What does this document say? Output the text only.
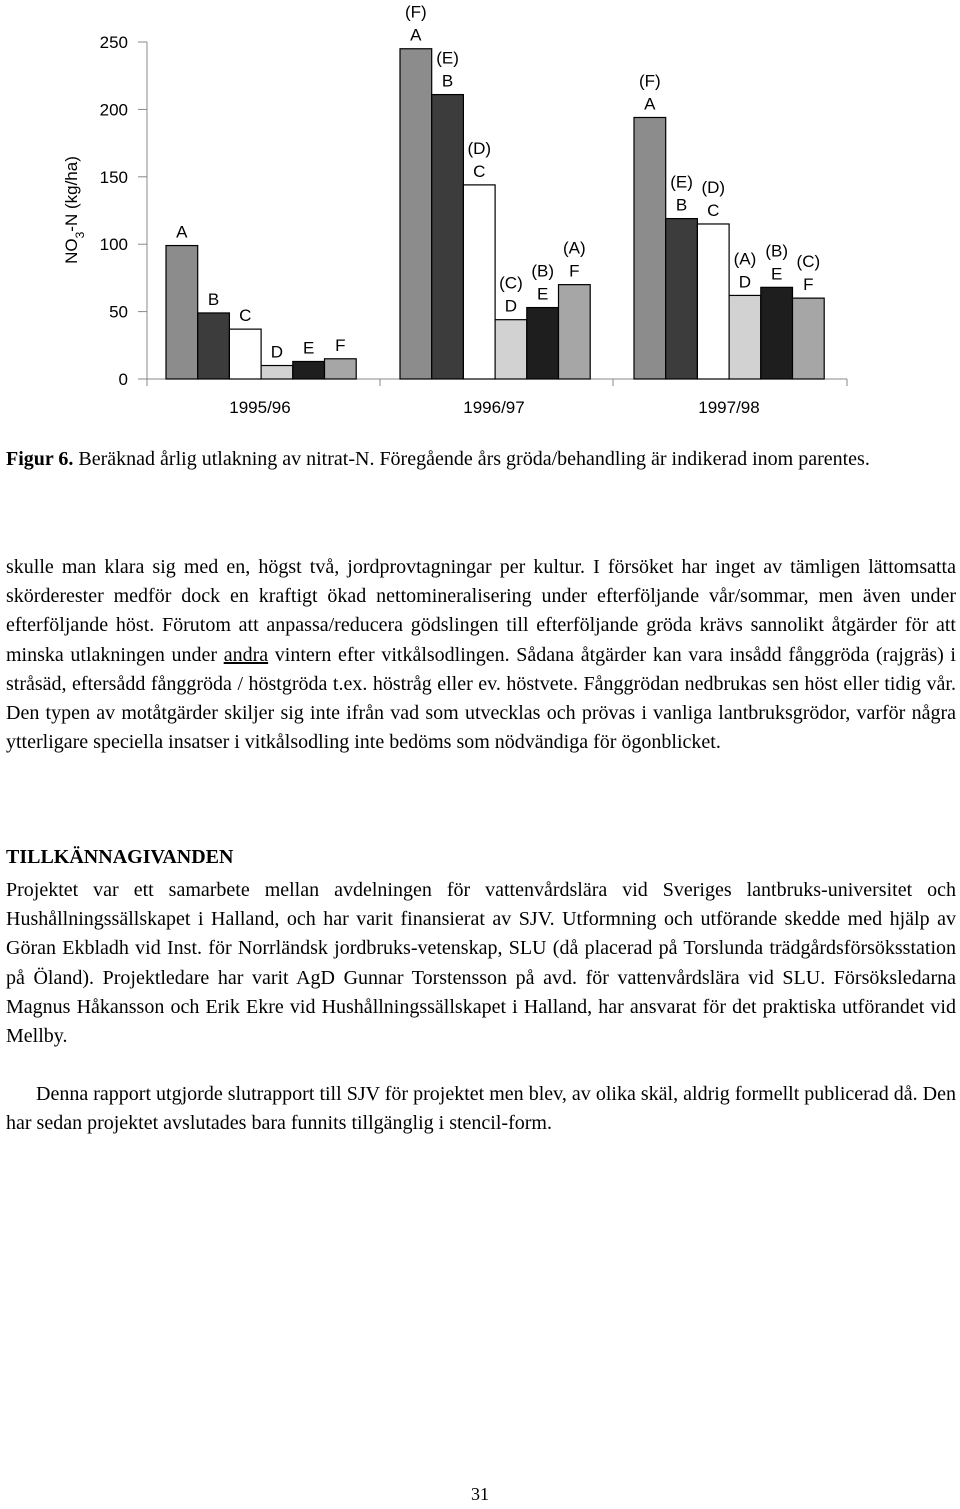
0
50
100
150
200
250
$NO_3-N$ (kg/ha)
A
B
C
D E F
1995/96
(F)
A
(E)
B
(D)
C
(C)
D
(B)
E
(A)
F
1996/97
(F)
A
(E)
B
(D)
C
(A)
D
(B)
E
(C)
F
1997/98
Figur 6. Beräknad årlig utlakning av nitrat-N. Föregående års gröda/behandling är indikerad inom parentes.
skulle man klara sig med en, högst två, jordprovtagningar per kultur. I försöket har inget av tämligen lättomsatta skörderester medför dock en kraftigt ökad nettomineralisering under efterföljande vår/sommar, men även under efterföljande höst. Förutom att anpassa/reducera gödslingen till efterföljande gröda krävs sannolikt åtgärder för att minska utlakningen under andra vintern efter vitkålsodlingen. Sådana åtgärder kan vara insådd fånggröda (rajgräs) i stråsäd, eftersådd fånggröda / höstgröda t.ex. höstråg eller ev. höstvete. Fånggrödan nedbrukas sen höst eller tidig vår. Den typen av motåtgärder skiljer sig inte ifrån vad som utvecklas och prövas i vanliga lantbruksgrödor, varför några ytterligare speciella insatser i vitkålsodling inte bedöms som nödvändiga för ögonblicket.
TILLKÄNNAGIVANDEN
Projektet var ett samarbete mellan avdelningen för vattenvårdslära vid Sveriges lantbruks-universitet och Hushållningssällskapet i Halland, och har varit finansierat av SJV. Utformning och utförande skedde med hjälp av Göran Ekbladh vid Inst. för Norrländsk jordbruks-vetenskap, SLU (då placerad på Torslunda trädgårdsförsöksstation på Öland). Projektledare har varit AgD Gunnar Torstensson på avd. för vattenvårdslära vid SLU. Försöksledarna Magnus Håkansson och Erik Ekre vid Hushållningssällskapet i Halland, har ansvarat för det praktiska utförandet vid Mellby.
Denna rapport utgjorde slutrapport till SJV för projektet men blev, av olika skäl, aldrig formellt publicerad då. Den har sedan projektet avslutades bara funnits tillgänglig i stencil-form.
31
